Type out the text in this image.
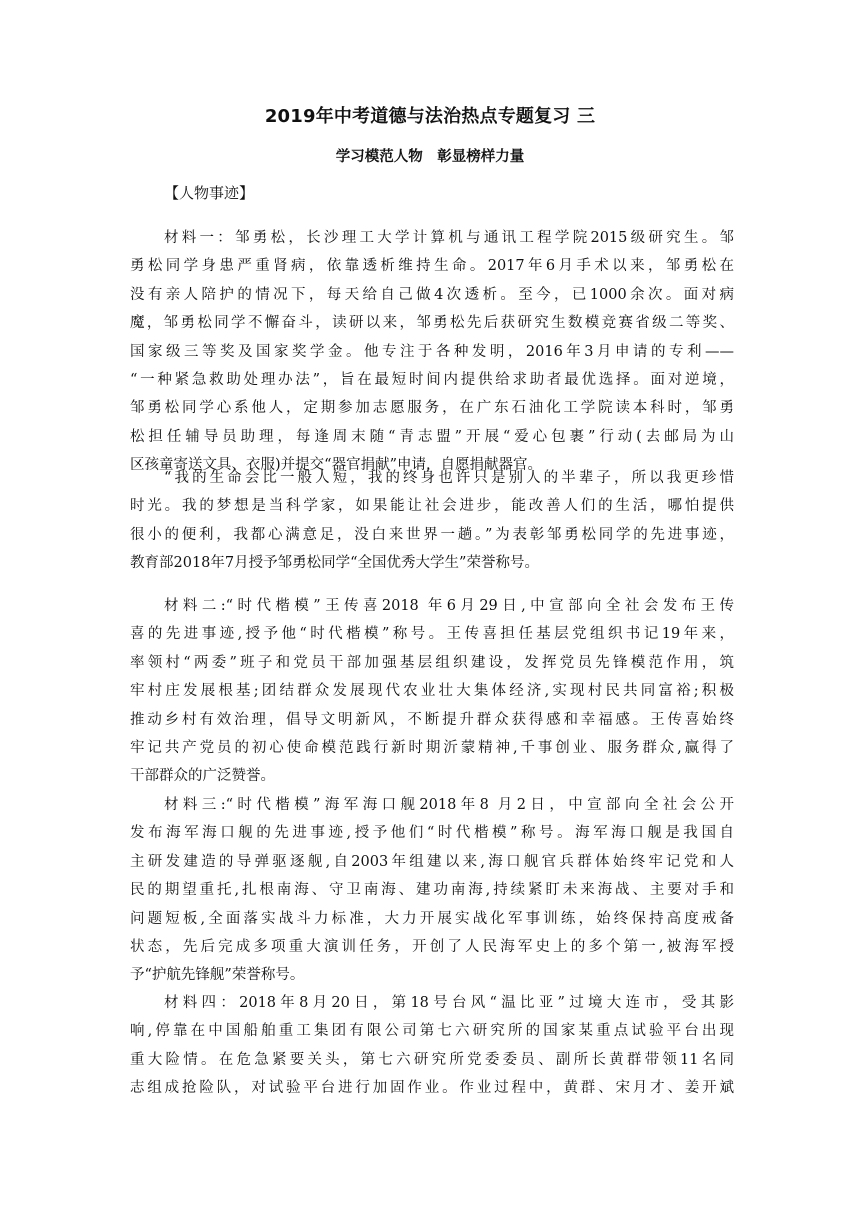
2019年中考道德与法治热点专题复习 三
学习模范人物　彰显榜样力量
【人物事迹】
材料一：邹勇松，长沙理工大学计算机与通讯工程学院2015级研究生。邹
勇松同学身患严重肾病，依靠透析维持生命。2017年6月手术以来，邹勇松在
没有亲人陪护的情况下，每天给自己做4次透析。至今，已1000余次。面对病
魔，邹勇松同学不懈奋斗，读研以来，邹勇松先后获研究生数模竞赛省级二等奖、
国家级三等奖及国家奖学金。他专注于各种发明，2016年3月申请的专利——
“一种紧急救助处理办法”，旨在最短时间内提供给求助者最优选择。面对逆境，
邹勇松同学心系他人，定期参加志愿服务，在广东石油化工学院读本科时，邹勇
松担任辅导员助理，每逢周末随“青志盟”开展“爱心包裹”行动(去邮局为山
区孩童寄送文具、衣服)并提交“器官捐献”申请，自愿捐献器官。
“我的生命会比一般人短，我的终身也许只是别人的半辈子，所以我更珍惜
时光。我的梦想是当科学家，如果能让社会进步，能改善人们的生活，哪怕提供
很小的便利，我都心满意足，没白来世界一趟。”为表彰邹勇松同学的先进事迹，
教育部2018年7月授予邹勇松同学“全国优秀大学生”荣誉称号。
材料二:“时代楷模”王传喜2018 年6月29日,中宣部向全社会发布王传
喜的先进事迹,授予他“时代楷模”称号。王传喜担任基层党组织书记19年来，
率领村“两委”班子和党员干部加强基层组织建设，发挥党员先锋模范作用，筑
牢村庄发展根基;团结群众发展现代农业壮大集体经济,实现村民共同富裕;积极
推动乡村有效治理，倡导文明新风，不断提升群众获得感和幸福感。王传喜始终
牢记共产党员的初心使命模范践行新时期沂蒙精神,千事创业、服务群众,赢得了
干部群众的广泛赞誉。
材料三:“时代楷模”海军海口舰2018年8 月2日，中宣部向全社会公开
发布海军海口舰的先进事迹,授予他们“时代楷模”称号。海军海口舰是我国自
主研发建造的导弹驱逐舰,自2003年组建以来,海口舰官兵群体始终牢记党和人
民的期望重托,扎根南海、守卫南海、建功南海,持续紧盯未来海战、主要对手和
问题短板,全面落实战斗力标准，大力开展实战化军事训练，始终保持高度戒备
状态，先后完成多项重大演训任务，开创了人民海军史上的多个第一,被海军授
予“护航先锋舰”荣誉称号。
材料四：2018年8月20日，第18号台风“温比亚”过境大连市，受其影
响,停靠在中国船舶重工集团有限公司第七六研究所的国家某重点试验平台出现
重大险情。在危急紧要关头，第七六研究所党委委员、副所长黄群带领11名同
志组成抢险队，对试验平台进行加固作业。作业过程中，黄群、宋月才、姜开斌
